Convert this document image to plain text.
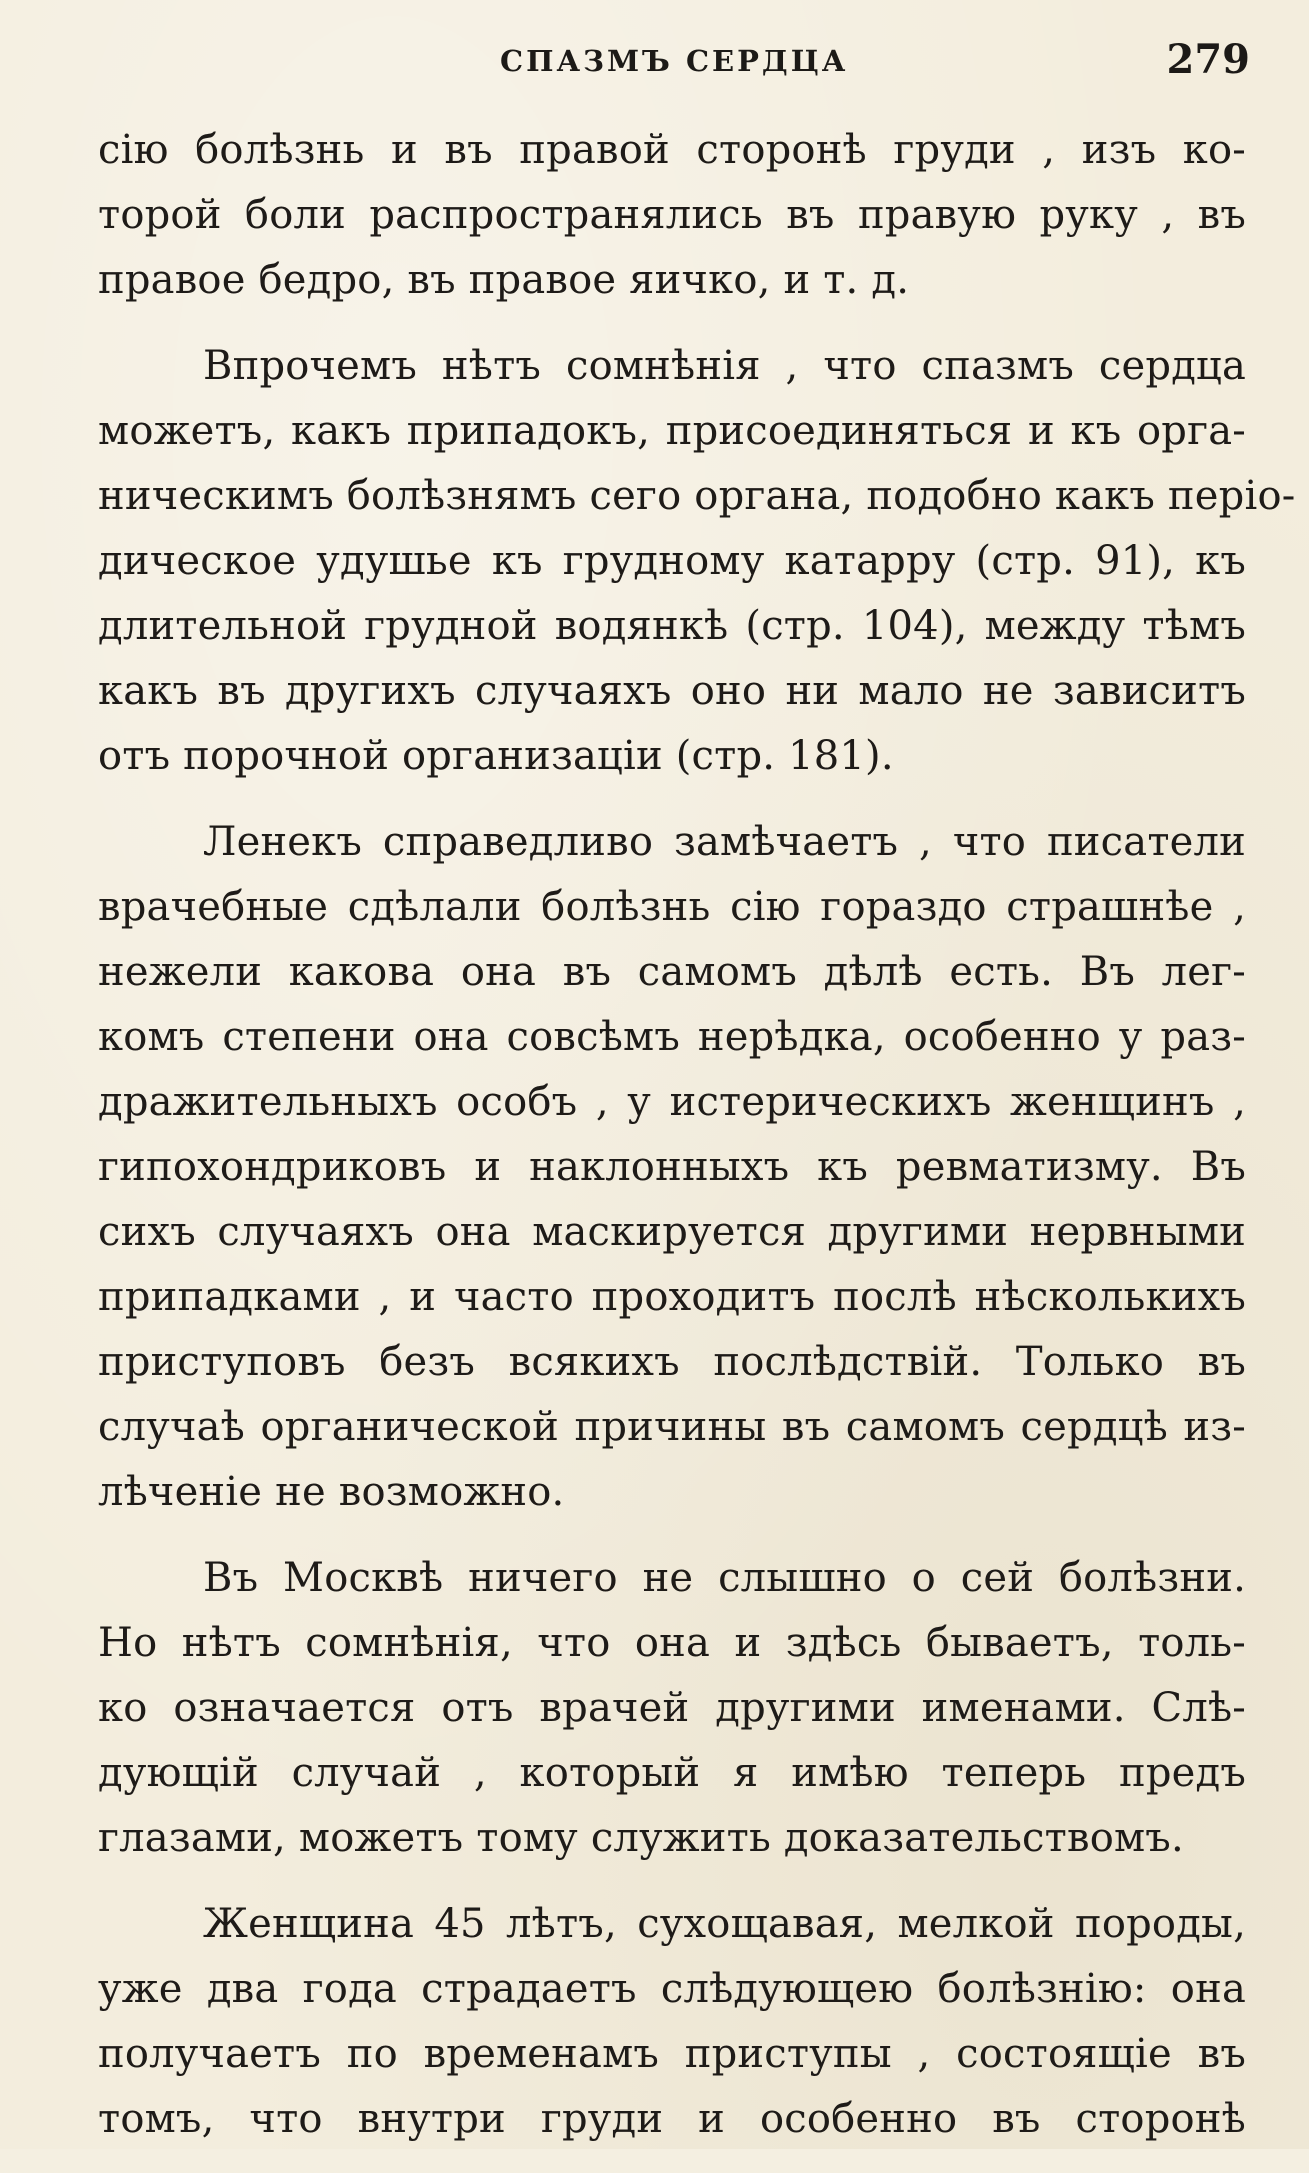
СПАЗМЪ СЕРДЦА	279
сію болѣзнь и въ правой стоpонѣ груди , изъ ко-
торой боли распространялись въ правую руку , въ
правое бедро, въ правое яичко, и т. д.
Впрочемъ нѣтъ сомнѣнія , что спазмъ сердца
можетъ, какъ припадокъ, присоединяться и къ орга-
ническимъ болѣзнямъ сего органа, подобно какъ перiо-
дическое удушье къ грудному катарру (стр. 91), къ
длительной грудной водянкѣ (стр. 104), между тѣмъ
какъ въ другихъ случаяхъ оно ни мало не зависитъ
отъ порочной организаціи (стр. 181).
Ленекъ справедливо замѣчаетъ , что писатели
врачебные сдѣлали болѣзнь сію гораздо страшнѣе ,
нежели какова она въ самомъ дѣлѣ есть. Въ лег-
комъ степени она совсѣмъ нерѣдка, особенно у раз-
дражительныхъ особъ , у истерическихъ женщинъ ,
гипохондриковъ и наклонныхъ къ ревматизму. Въ
сихъ случаяхъ она маскируется другими нервными
припадками , и часто проходитъ послѣ нѣсколькихъ
приступовъ безъ всякихъ послѣдствій. Только въ
случаѣ органической причины въ самомъ сердцѣ из-
лѣченіе не возможно.
Въ Москвѣ ничего не слышно о сей болѣзни.
Но нѣтъ сомнѣнія, что она и здѣсь бываетъ, толь-
ко означается отъ врачей другими именами. Слѣ-
дующій случай , который я имѣю теперь предъ
глазами, можетъ тому служить доказательствомъ.
Женщина 45 лѣтъ, сухощавая, мелкой породы,
уже два года страдаетъ слѣдующею болѣзнію: она
получаетъ по временамъ приступы , состоящіе въ
томъ, что внутри груди и особенно въ сторонѣ
